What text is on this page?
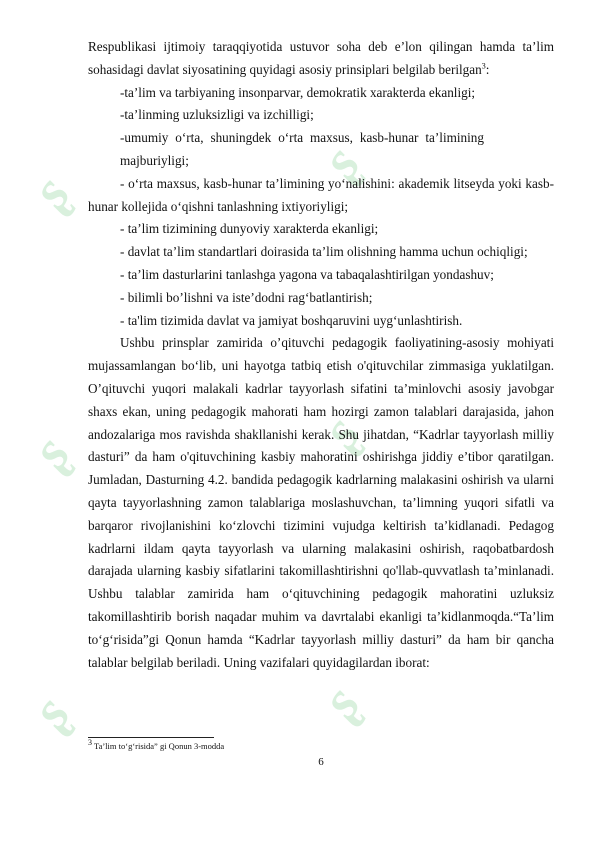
ʂ
ʂ
ʂ	ʂ
ʂ	ʂ

Respublikasi ijtimoiy taraqqiyotida ustuvor soha deb e’lon qilingan hamda ta’lim sohasidagi davlat siyosatining quyidagi asosiy prinsiplari belgilab berilgan$^3$:

-ta’lim va tarbiyaning insonparvar, demokratik xarakterda ekanligi;

-ta’linming uzluksizligi va izchilligi;

-umumiy o‘rta, shuningdek o‘rta maxsus, kasb-hunar ta’limining majburiyligi;

- o‘rta maxsus, kasb-hunar ta’limining yo‘nalishini: akademik litseyda yoki kasb-hunar kollejida o‘qishni tanlashning ixtiyoriyligi;

- ta’lim tizimining dunyoviy xarakterda ekanligi;

- davlat ta’lim standartlari doirasida ta’lim olishning hamma uchun ochiqligi;

- ta’lim dasturlarini tanlashga yagona va tabaqalashtirilgan yondashuv;

- bilimli bo’lishni va iste’dodni rag‘batlantirish;

- ta'lim tizimida davlat va jamiyat boshqaruvini uyg‘unlashtirish.

Ushbu prinsplar zamirida o’qituvchi pedagogik faoliyatining-asosiy mohiyati mujassamlangan bo‘lib, uni hayotga tatbiq etish o'qituvchilar zimmasiga yuklatilgan. O’qituvchi yuqori malakali kadrlar tayyorlash sifatini ta’minlovchi asosiy javobgar shaxs ekan, uning pedagogik mahorati ham hozirgi zamon talablari darajasida, jahon andozalariga mos ravishda shakllanishi kerak. Shu jihatdan, “Kadrlar tayyorlash milliy dasturi” da ham o'qituvchining kasbiy mahoratini oshirishga jiddiy e’tibor qaratilgan. Jumladan, Dasturning 4.2. bandida pedagogik kadrlarning malakasini oshirish va ularni qayta tayyorlashning zamon talablariga moslashuvchan, ta’limning yuqori sifatli va barqaror rivojlanishini ko‘zlovchi tizimini vujudga keltirish ta’kidlanadi. Pedagog kadrlarni ildam qayta tayyorlash va ularning malakasini oshirish, raqobatbardosh darajada ularning kasbiy sifatlarini takomillashtirishni qo'llab-quvvatlash ta’minlanadi. Ushbu talablar zamirida ham o‘qituvchining pedagogik mahoratini uzluksiz takomillashtirib borish naqadar muhim va davrtalabi ekanligi ta’kidlanmoqda.“Ta’lim to‘g‘risida”gi Qonun hamda “Kadrlar tayyorlash milliy dasturi” da ham bir qancha talablar belgilab beriladi. Uning vazifalari quyidagilardan iborat:

$^3$ Ta’lim to‘g‘risida” gi Qonun 3-modda
6
